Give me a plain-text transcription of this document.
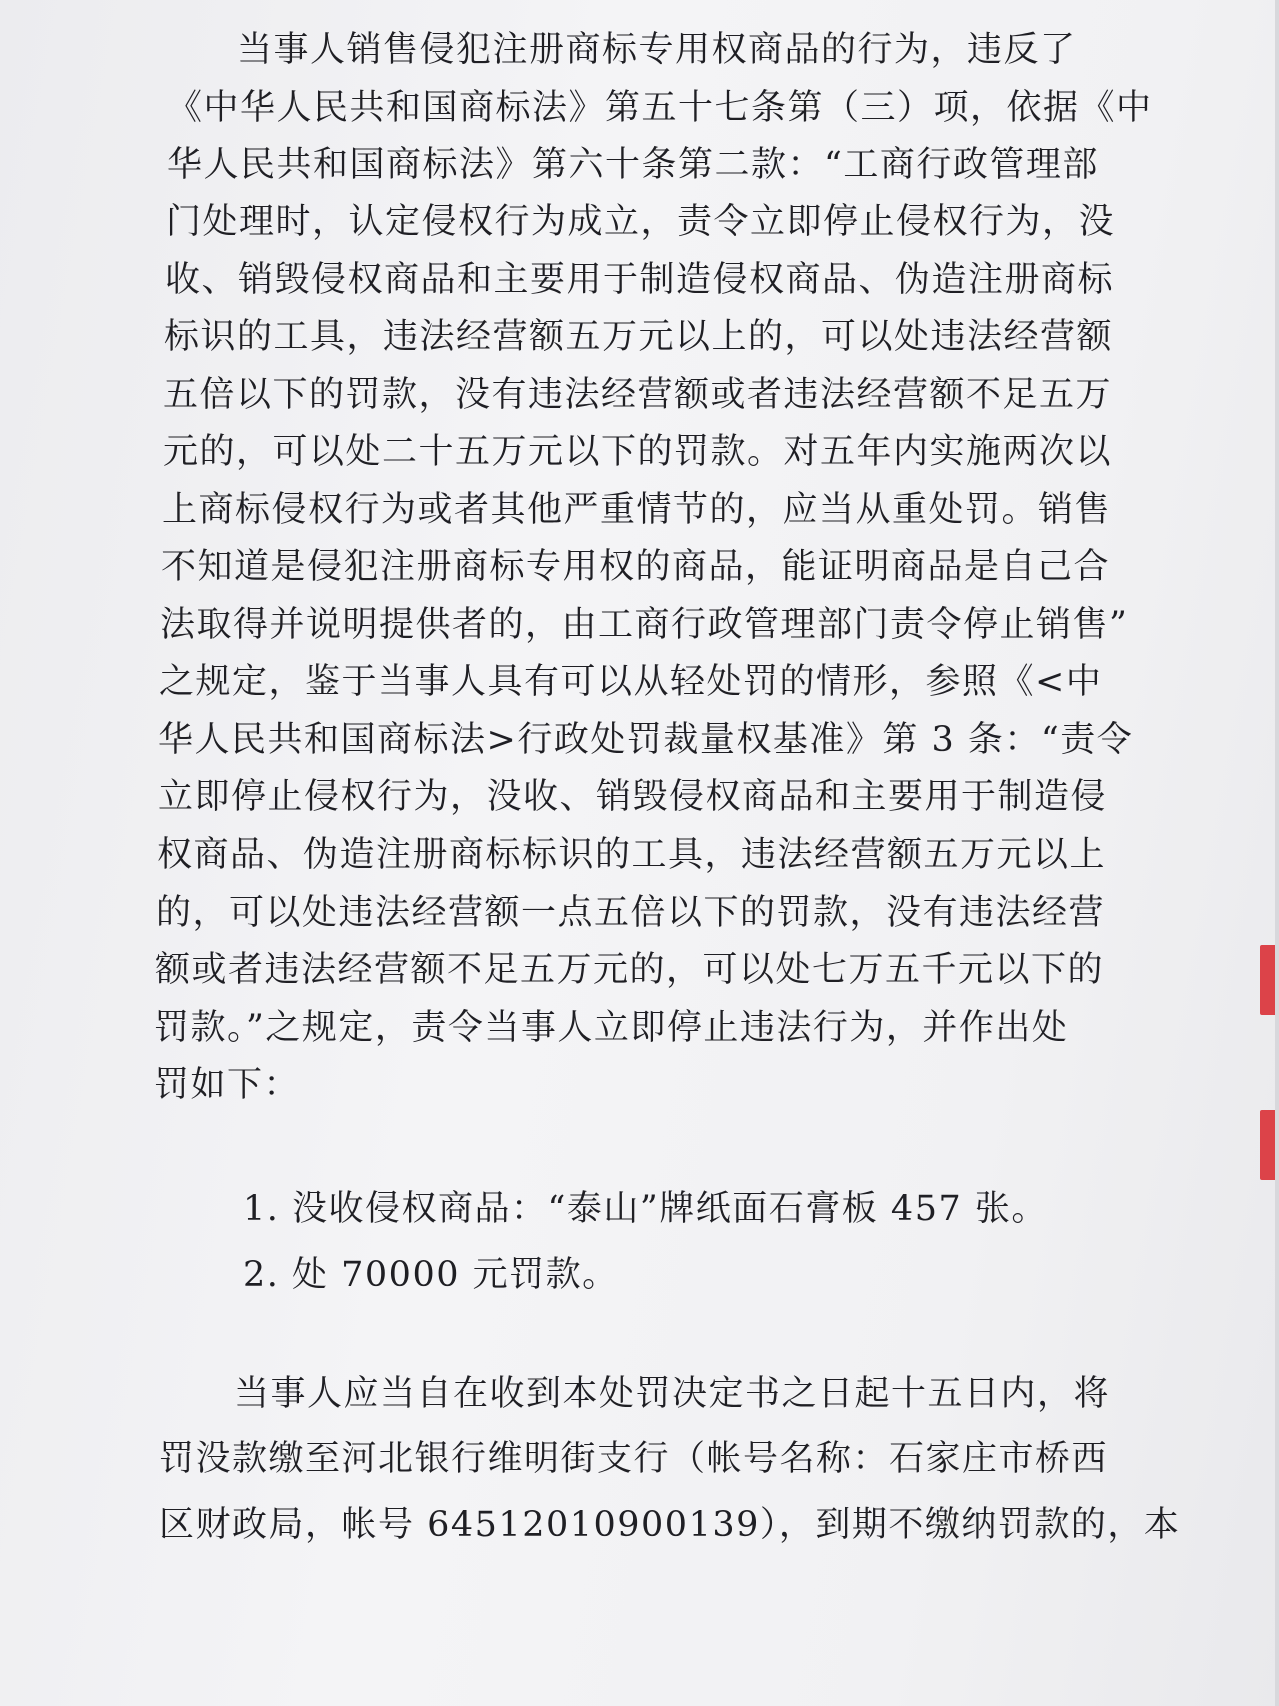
当事人销售侵犯注册商标专用权商品的行为，违反了
《中华人民共和国商标法》第五十七条第（三）项，依据《中
华人民共和国商标法》第六十条第二款：“工商行政管理部
门处理时，认定侵权行为成立，责令立即停止侵权行为，没
收、销毁侵权商品和主要用于制造侵权商品、伪造注册商标
标识的工具，违法经营额五万元以上的，可以处违法经营额
五倍以下的罚款，没有违法经营额或者违法经营额不足五万
元的，可以处二十五万元以下的罚款。对五年内实施两次以
上商标侵权行为或者其他严重情节的，应当从重处罚。销售
不知道是侵犯注册商标专用权的商品，能证明商品是自己合
法取得并说明提供者的，由工商行政管理部门责令停止销售”
之规定，鉴于当事人具有可以从轻处罚的情形，参照《<中
华人民共和国商标法>行政处罚裁量权基准》第 3 条：“责令
立即停止侵权行为，没收、销毁侵权商品和主要用于制造侵
权商品、伪造注册商标标识的工具，违法经营额五万元以上
的，可以处违法经营额一点五倍以下的罚款，没有违法经营
额或者违法经营额不足五万元的，可以处七万五千元以下的
罚款。”之规定，责令当事人立即停止违法行为，并作出处
罚如下：
1. 没收侵权商品：“泰山”牌纸面石膏板 457 张。
2. 处 70000 元罚款。
当事人应当自在收到本处罚决定书之日起十五日内，将
罚没款缴至河北银行维明街支行（帐号名称：石家庄市桥西
区财政局，帐号 64512010900139），到期不缴纳罚款的，本
